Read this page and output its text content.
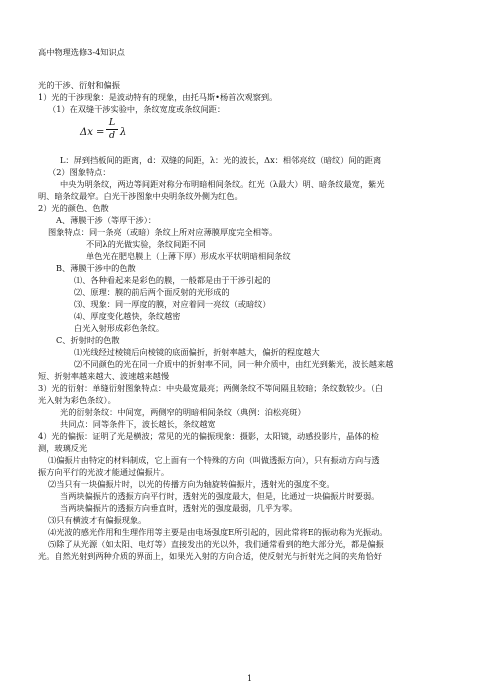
高中物理选修3-4知识点
光的干涉、衍射和偏振
1）光的干涉现象：是波动特有的现象，由托马斯•杨首次观察到。
（1）在双缝干涉实验中，条纹宽度或条纹间距：
Δx =
L
d λ
L：屏到挡板间的距离，d：双缝的间距，λ：光的波长，Δx：相邻亮纹（暗纹）间的距离
（2）图象特点：
中央为明条纹，两边等间距对称分布明暗相间条纹。红光（λ最大）明、暗条纹最宽，紫光
明、暗条纹最窄。白光干涉图象中央明条纹外侧为红色。
2）光的颜色、色散
A、薄膜干涉（等厚干涉）：
图象特点：同一条亮（或暗）条纹上所对应薄膜厚度完全相等。
不同λ的光做实验，条纹间距不同
单色光在肥皂膜上（上薄下厚）形成水平状明暗相间条纹
B、薄膜干涉中的色散
⑴、各种看起来是彩色的膜，一般都是由于干涉引起的
⑵、原理：膜的前后两个面反射的光形成的
⑶、现象：同一厚度的膜，对应着同一亮纹（或暗纹）
⑷、厚度变化越快，条纹越密
白光入射形成彩色条纹。
C、折射时的色散
⑴光线经过棱镜后向棱镜的底面偏折，折射率越大，偏折的程度越大
⑵不同颜色的光在同一介质中的折射率不同，同一种介质中，由红光到紫光，波长越来越
短、折射率越来越大、波速越来越慢
3）光的衍射：单缝衍射图象特点：中央最宽最亮；两侧条纹不等间隔且较暗；条纹数较少。（白
光入射为彩色条纹）。
光的衍射条纹：中间宽，两侧窄的明暗相间条纹（典例：泊松亮斑）
共同点：同等条件下，波长越长，条纹越宽
4）光的偏振：证明了光是横波；常见的光的偏振现象：摄影，太阳镜，动感投影片，晶体的检
测，玻璃反光
⑴偏振片由特定的材料制成，它上面有一个特殊的方向（叫做透振方向），只有振动方向与透
振方向平行的光波才能通过偏振片。
⑵当只有一块偏振片时，以光的传播方向为轴旋转偏振片，透射光的强度不变。
当两块偏振片的透振方向平行时，透射光的强度最大，但是，比通过一块偏振片时要弱。
当两块偏振片的透振方向垂直时，透射光的强度最弱，几乎为零。
⑶只有横波才有偏振现象。
⑷光波的感光作用和生理作用等主要是由电场强度E所引起的，因此常将E的振动称为光振动。
⑸除了从光源（如太阳、电灯等）直接发出的光以外，我们通常看到的绝大部分光，都是偏振
光。自然光射到两种介质的界面上，如果光入射的方向合适，使反射光与折射光之间的夹角恰好
1
